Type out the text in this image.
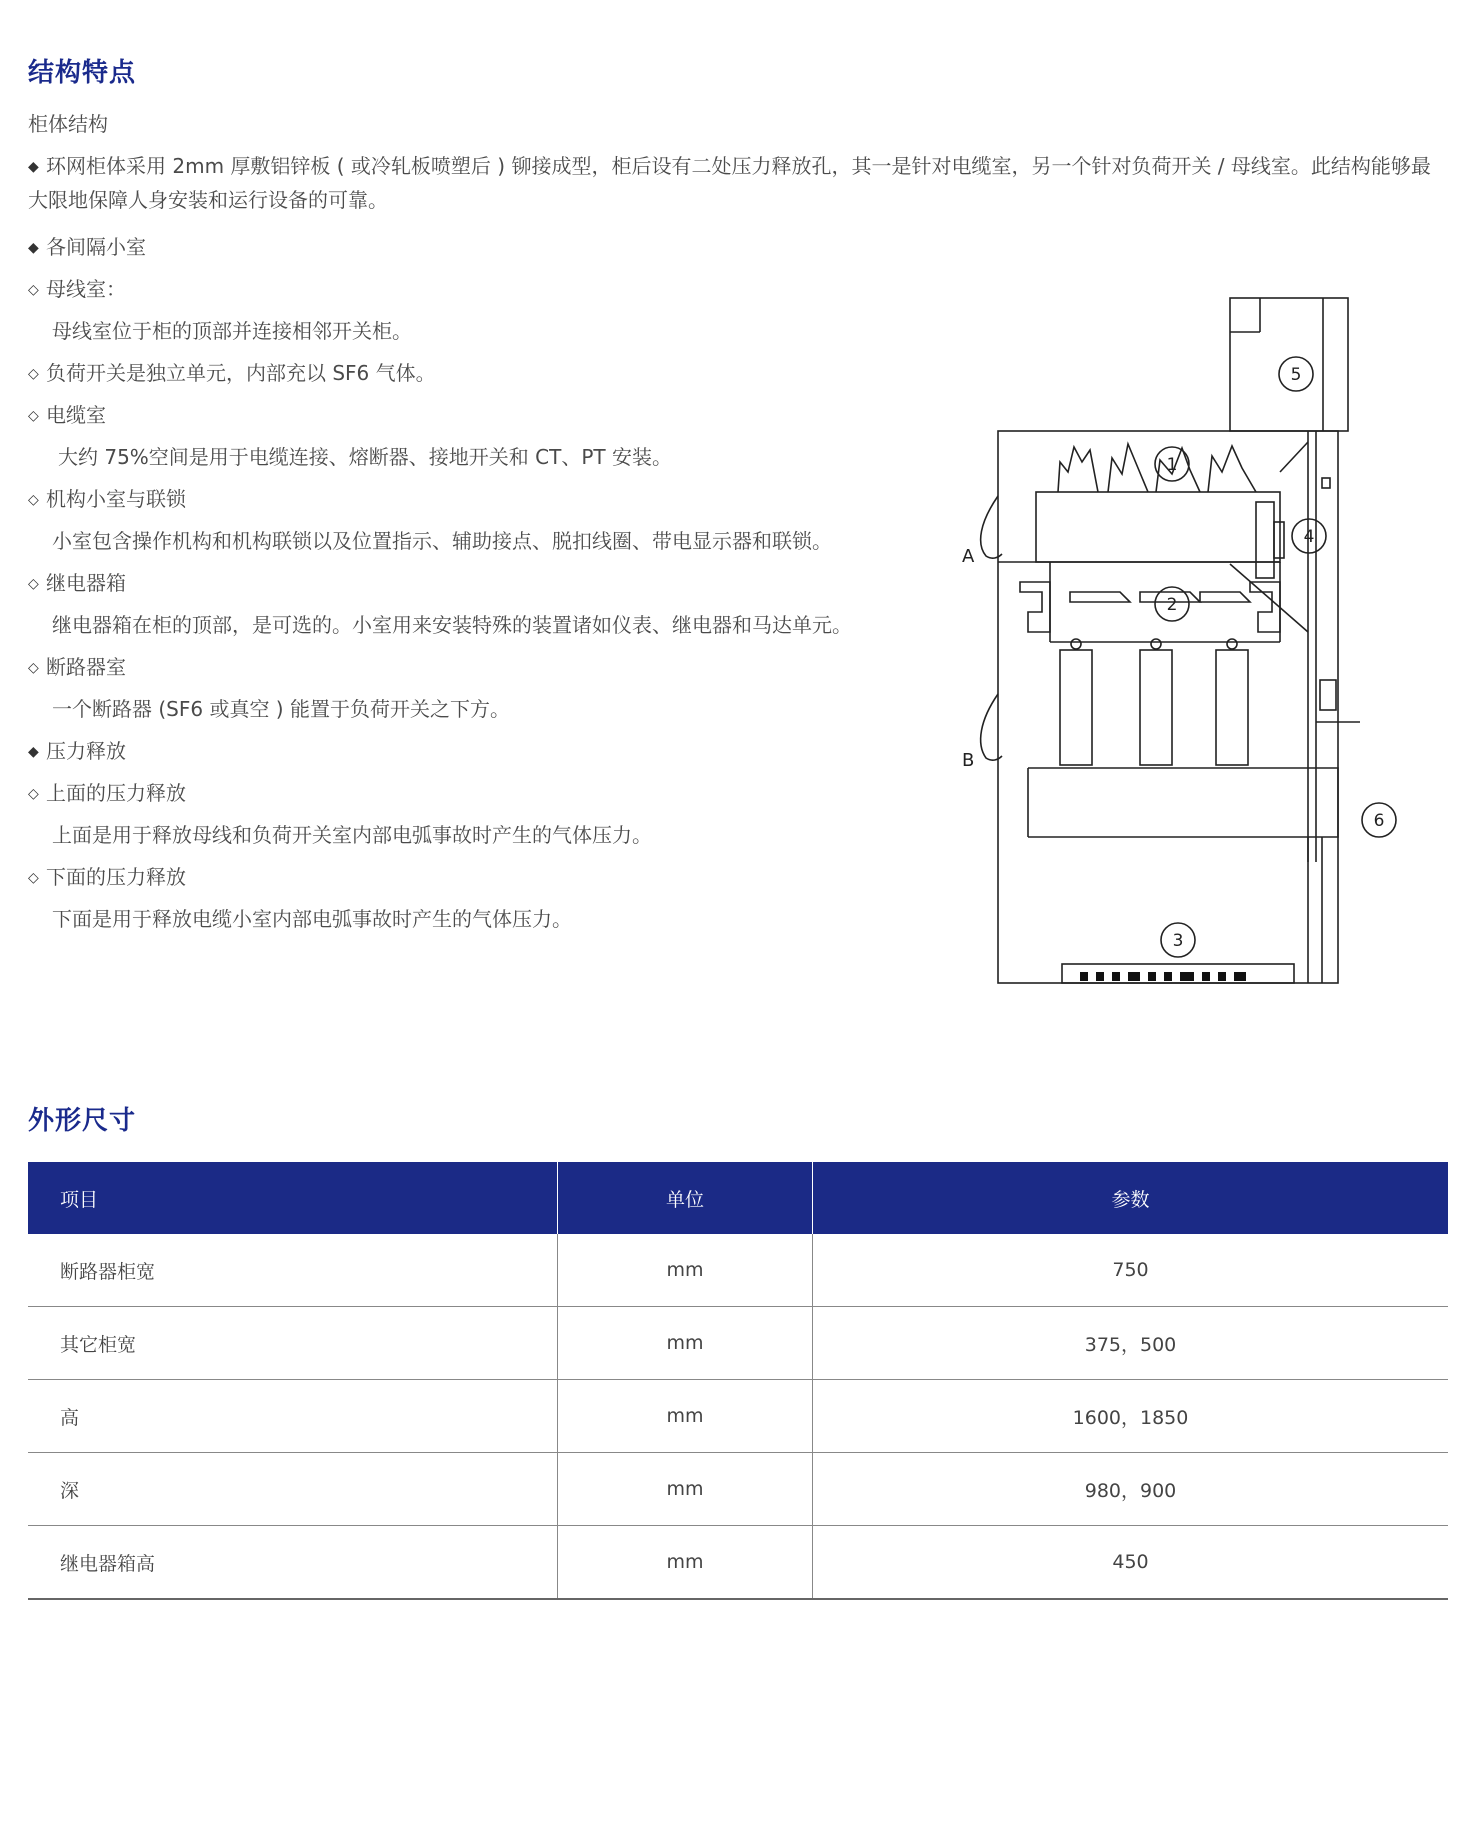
结构特点
柜体结构
◆ 环网柜体采用 2mm 厚敷铝锌板 ( 或冷轧板喷塑后 ) 铆接成型，柜后设有二处压力释放孔，其一是针对电缆室，另一个针对负荷开关 / 母线室。此结构能够最大限地保障人身安装和运行设备的可靠。
◆ 各间隔小室
◇ 母线室：
母线室位于柜的顶部并连接相邻开关柜。
◇ 负荷开关是独立单元，内部充以 SF6 气体。
◇ 电缆室
大约 75%空间是用于电缆连接、熔断器、接地开关和 CT、PT 安装。
◇ 机构小室与联锁
小室包含操作机构和机构联锁以及位置指示、辅助接点、脱扣线圈、带电显示器和联锁。
◇ 继电器箱
继电器箱在柜的顶部，是可选的。小室用来安装特殊的装置诸如仪表、继电器和马达单元。
◇ 断路器室
一个断路器 (SF6 或真空 ) 能置于负荷开关之下方。
◆ 压力释放
◇ 上面的压力释放
上面是用于释放母线和负荷开关室内部电弧事故时产生的气体压力。
◇ 下面的压力释放
下面是用于释放电缆小室内部电弧事故时产生的气体压力。
A
B
1
2
3
4
5
6
外形尺寸
项目	单位	参数
断路器柜宽	mm	750
其它柜宽	mm	375，500
高	mm	1600，1850
深	mm	980，900
继电器箱高	mm	450
